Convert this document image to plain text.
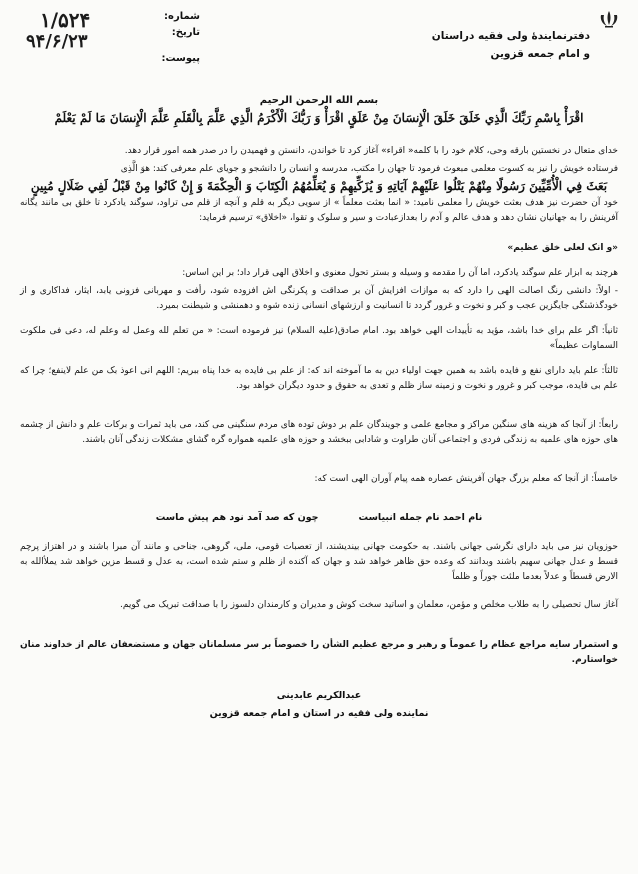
دفترنمایندهٔ ولی فقیه دراستان
و امام جمعه قزوین
شماره:
تاریخ:
پیوست:
۱/۵۲۴
۹۴/۶/۲۳
بسم الله الرحمن الرحیم
اقْرَأْ بِاسْمِ رَبِّكَ الَّذِي خَلَقَ خَلَقَ الْإِنسَانَ مِنْ عَلَقٍ اقْرَأْ وَ رَبُّكَ الْأَكْرَمُ الَّذِي عَلَّمَ بِالْقَلَمِ عَلَّمَ الْإِنسَانَ مَا لَمْ يَعْلَمْ
خدای متعال در نخستین بارقه وحی، کلام خود را با کلمه« اقراء» آغاز کرد تا خواندن، دانستن و فهمیدن را در صدر همه امور قرار دهد.
فرستاده خویش را نیز به کسوت معلمی مبعوث فرمود تا جهان را مکتب، مدرسه و انسان را دانشجو و جویای علم معرفی کند: هوَ الَّذِی
بَعَثَ فِي الْأُمِّيِّينَ رَسُولًا مِنْهُمْ يَتْلُوا عَلَيْهِمْ آيَاتِهِ وَ يُزَكِّيهِمْ وَ يُعَلِّمُهُمُ الْكِتَابَ وَ الْحِكْمَةَ وَ إِنْ كَانُوا مِنْ قَبْلُ لَفِي ضَلَالٍ مُبِينٍ
خود آن حضرت نیز هدف بعثت خویش را معلمی نامید: « انما بعثت معلماً » از سویی دیگر به قلم و آنچه از قلم می تراود، سوگند یادکرد تا خلق بی مانند یگانه آفرینش را به جهانیان نشان دهد و هدف عالم و آدم را بعدازعبادت و سیر و سلوک و تقوا، «اخلاق» ترسیم فرماید:
«و انک لعلی خلق عظیم»
هرچند به ابزار علم سوگند یادکرد، اما آن را مقدمه و وسیله و بستر تحول معنوی و اخلاق الهی قرار داد؛ بر این اساس:
- اولاً: دانشی رنگ اصالت الهی را دارد که به موازات افزایش آن بر صداقت و پکرنگی اش افزوده شود، رأفت و مهربانی فزونی یابد، ایثار، فداکاری و از خودگذشتگی جایگزین عجب و کبر و نخوت و غرور گردد تا انسانیت و ارزشهای انسانی زنده شوه و دهمنشی و شیطنت بمیرد.
ثانیاً: اگر علم برای خدا باشد، مؤید به تأییدات الهی خواهد بود. امام صادق(علیه السلام) نیز فرموده است: « من تعلم لله وعمل له وعلم له، دعی فی ملکوت السماوات عظیماً»
ثالثاً: علم باید دارای نفع و فایده باشد به همین جهت اولیاء دین به ما آموخته اند که: از علم بی فایده به خدا پناه ببریم: اللهم انی اعوذ بک من علم لاینفع؛ چرا که علم بی فایده، موجب کبر و غرور و نخوت و زمینه ساز ظلم و تعدی به حقوق و حدود دیگران خواهد بود.
رابعاً: از آنجا که هزینه های سنگین مراکز و مجامع علمی و جویندگان علم بر دوش توده های مردم سنگینی می کند، می باید ثمرات و برکات علم و دانش از چشمه های حوزه های علمیه به زندگی فردی و اجتماعی آنان طراوت و شادابی ببخشد و حوزه های علمیه همواره گره گشای مشکلات زندگی آنان باشند.
خامساً: از آنجا که معلم بزرگ جهان آفرینش عصاره همه پیام آوران الهی است که:
نام احمد نام جمله انبیاست
چون که صد آمد نود هم پیش ماست
حوزویان نیز می باید دارای نگرشی جهانی باشند. به حکومت جهانی بیندیشند، از تعصبات قومی، ملی، گروهی، جناحی و مانند آن مبرا باشند و در اهتزاز پرچم قسط و عدل جهانی سهیم باشند وبدانند که وعده حق ظاهر خواهد شد و جهان که آکنده از ظلم و ستم شده است، به عدل و قسط مزین خواهد شد یملأالله به الارض قسطاً و عدلاً بعدما ملئت جوراً و ظلماً
آغاز سال تحصیلی را به طلاب مخلص و مؤمن، معلمان و اساتید سخت کوش و مدیران و کارمندان دلسوز را با صداقت تبریک می گویم.
و استمرار سایه مراجع عظام را عموماً و رهبر و مرجع عظیم الشأن را خصوصاً بر سر مسلمانان جهان و مستضعفان عالم از خداوند منان خواستارم.
عبدالکریم عابدینی
نماینده ولی فقیه در استان و امام جمعه قزوین
